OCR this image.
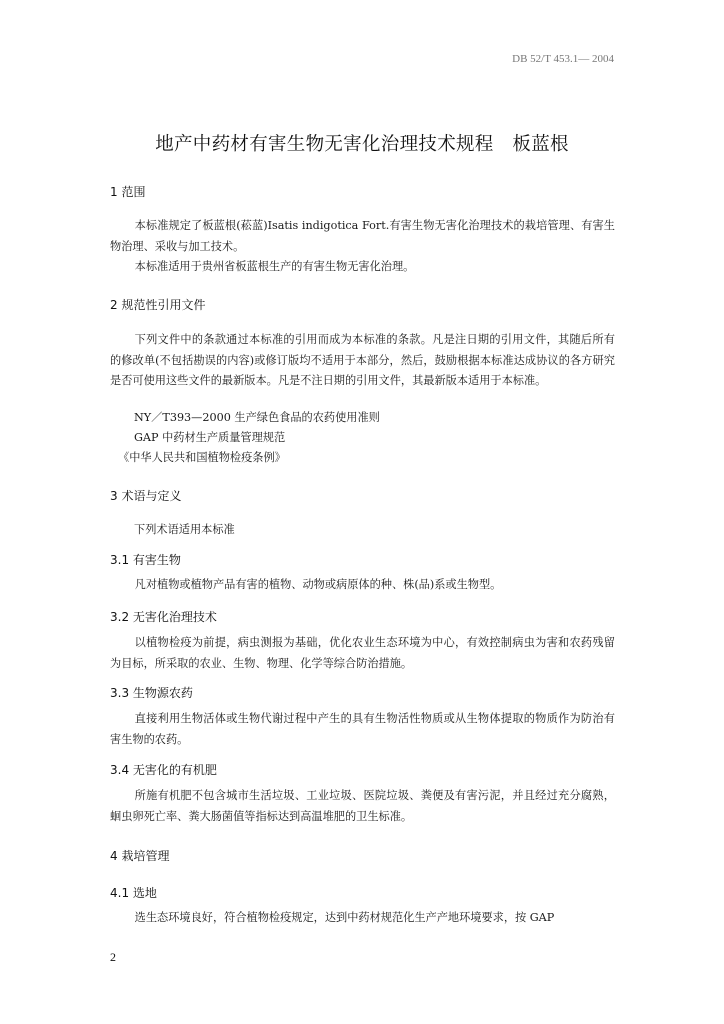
DB 52/T 453.1— 2004
地产中药材有害生物无害化治理技术规程　板蓝根
1 范围
本标准规定了板蓝根(菘蓝)Isatis indigotica Fort.有害生物无害化治理技术的栽培管理、有害生物治理、采收与加工技术。
本标准适用于贵州省板蓝根生产的有害生物无害化治理。
2 规范性引用文件
下列文件中的条款通过本标准的引用而成为本标准的条款。凡是注日期的引用文件，其随后所有的修改单(不包括勘误的内容)或修订版均不适用于本部分，然后，鼓励根据本标准达成协议的各方研究是否可使用这些文件的最新版本。凡是不注日期的引用文件，其最新版本适用于本标准。
NY／T393—2000 生产绿色食品的农药使用准则
GAP 中药材生产质量管理规范
《中华人民共和国植物检疫条例》
3 术语与定义
下列术语适用本标准
3.1 有害生物
凡对植物或植物产品有害的植物、动物或病原体的种、株(品)系或生物型。
3.2 无害化治理技术
以植物检疫为前提，病虫测报为基础，优化农业生态环境为中心，有效控制病虫为害和农药残留为目标，所采取的农业、生物、物理、化学等综合防治措施。
3.3 生物源农药
直接利用生物活体或生物代谢过程中产生的具有生物活性物质或从生物体提取的物质作为防治有害生物的农药。
3.4 无害化的有机肥
所施有机肥不包含城市生活垃圾、工业垃圾、医院垃圾、粪便及有害污泥，并且经过充分腐熟，蛔虫卵死亡率、粪大肠菌值等指标达到高温堆肥的卫生标准。
4 栽培管理
4.1 选地
选生态环境良好，符合植物检疫规定，达到中药材规范化生产产地环境要求，按 GAP
2
